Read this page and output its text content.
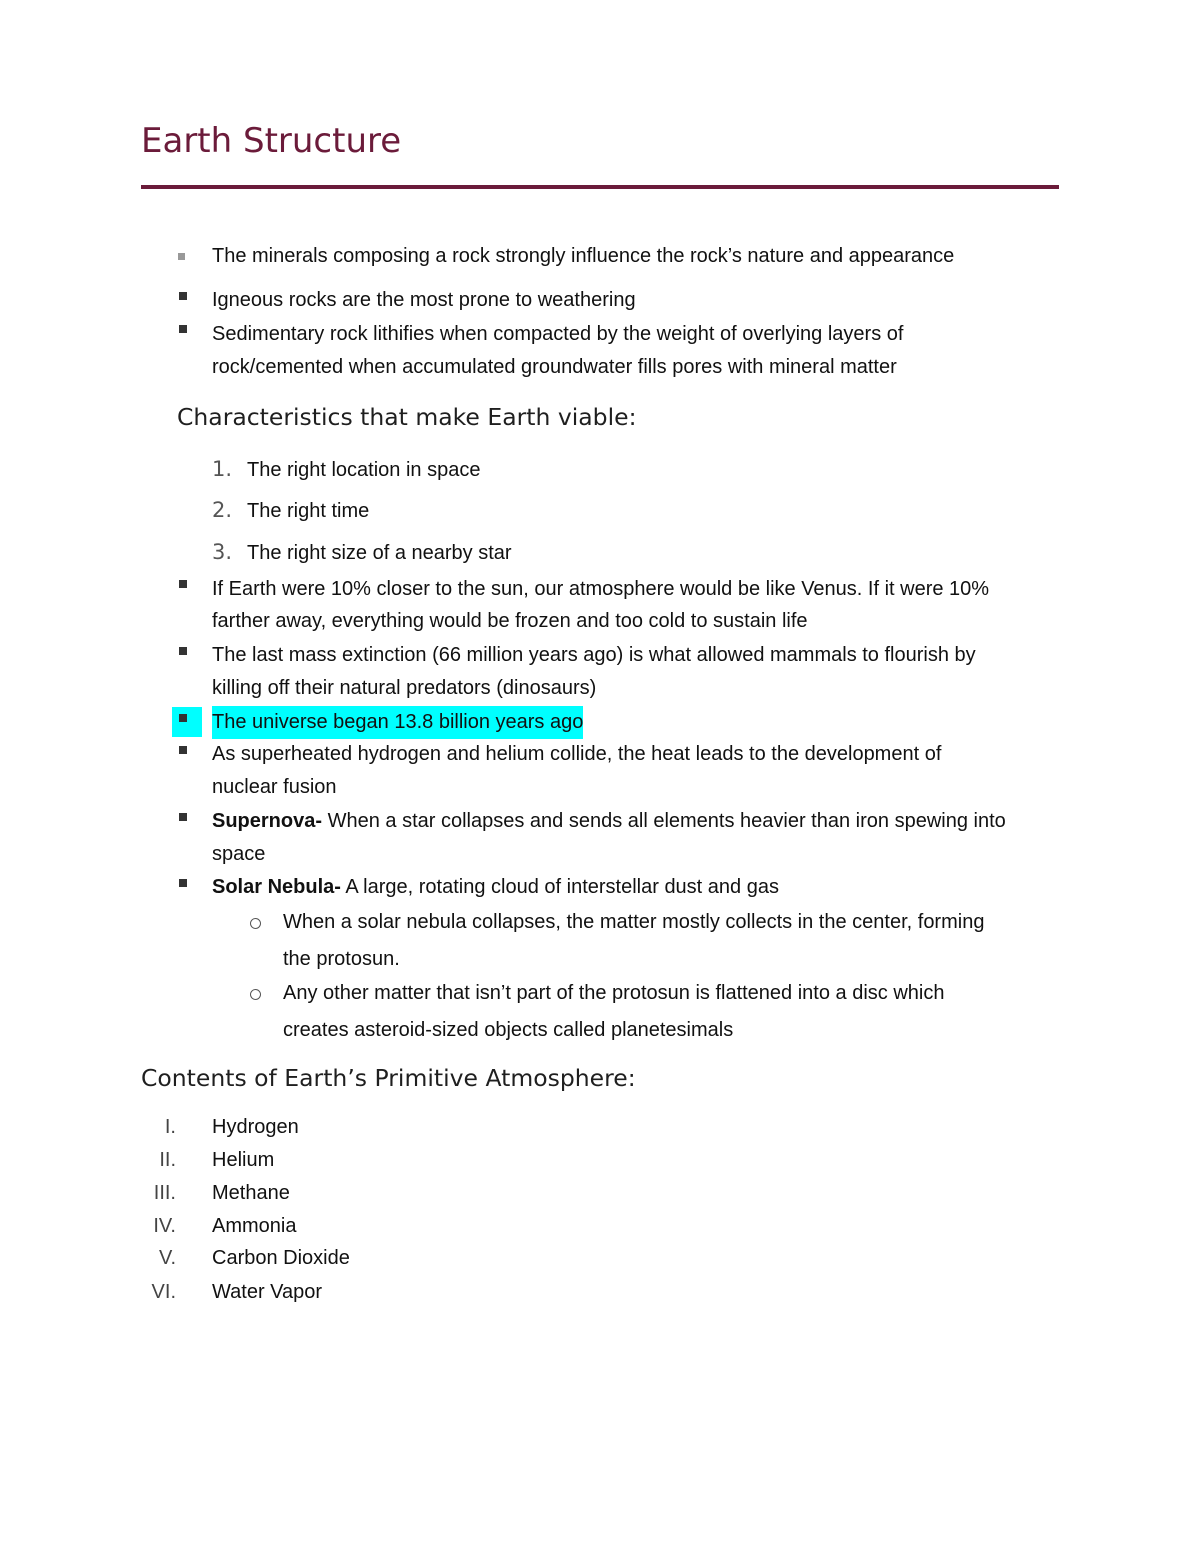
Earth Structure
The minerals composing a rock strongly influence the rock’s nature and appearance
Igneous rocks are the most prone to weathering
Sedimentary rock lithifies when compacted by the weight of overlying layers of
rock/cemented when accumulated groundwater fills pores with mineral matter
Characteristics that make Earth viable:
1. The right location in space
2. The right time
3. The right size of a nearby star
If Earth were 10% closer to the sun, our atmosphere would be like Venus. If it were 10%
farther away, everything would be frozen and too cold to sustain life
The last mass extinction (66 million years ago) is what allowed mammals to flourish by
killing off their natural predators (dinosaurs)
The universe began 13.8 billion years ago
As superheated hydrogen and helium collide, the heat leads to the development of
nuclear fusion
Supernova- When a star collapses and sends all elements heavier than iron spewing into
space
Solar Nebula- A large, rotating cloud of interstellar dust and gas
When a solar nebula collapses, the matter mostly collects in the center, forming
the protosun.
Any other matter that isn’t part of the protosun is flattened into a disc which
creates asteroid-sized objects called planetesimals
Contents of Earth’s Primitive Atmosphere:
I. Hydrogen
II. Helium
III. Methane
IV. Ammonia
V. Carbon Dioxide
VI. Water Vapor
